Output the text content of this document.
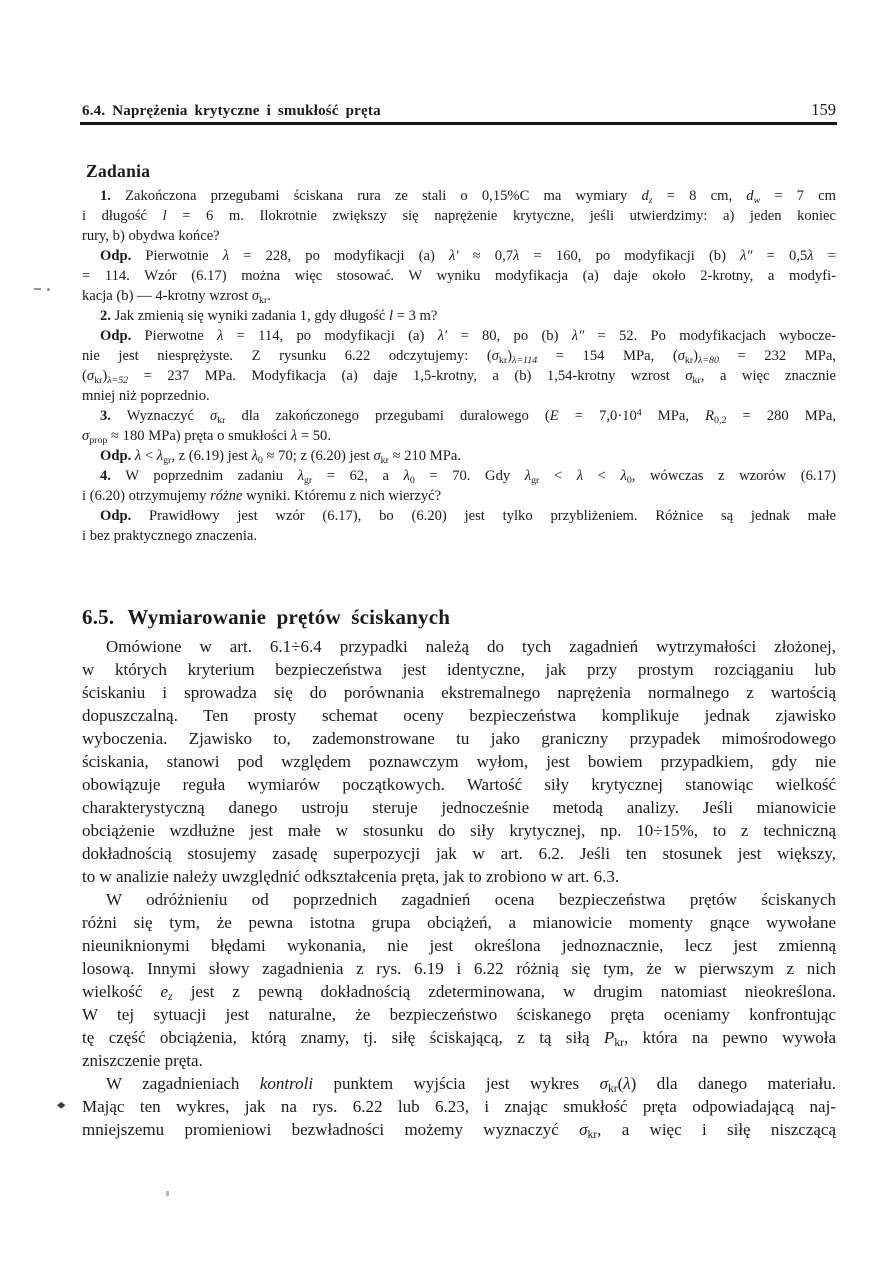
6.4. Naprężenia krytyczne i smukłość pręta	159
Zadania
1. Zakończona przegubami ściskana rura ze stali o 0,15%C ma wymiary $d_z = 8$ cm, $d_w = 7$ cm
i długość l = 6 m. Ilokrotnie zwiększy się naprężenie krytyczne, jeśli utwierdzimy: a) jeden koniec
rury, b) obydwa końce?
Odp. Pierwotnie λ = 228, po modyfikacji (a) λ′ ≈ 0,7λ = 160, po modyfikacji (b) λ″ = 0,5λ =
= 114. Wzór (6.17) można więc stosować. W wyniku modyfikacja (a) daje około 2-krotny, a modyfi-
kacja (b) — 4-krotny wzrost $\sigma_{kr}$.
2. Jak zmienią się wyniki zadania 1, gdy długość l = 3 m?
Odp. Pierwotne λ = 114, po modyfikacji (a) λ′ = 80, po (b) λ″ = 52. Po modyfikacjach wybocze-
nie jest niesprężyste. Z rysunku 6.22 odczytujemy: $(\sigma_{kr})_{\lambda=114} = 154$ MPa, $(\sigma_{kr})_{\lambda=80} = 232$ MPa,
$(\sigma_{kr})_{\lambda=52} = 237$ MPa. Modyfikacja (a) daje 1,5-krotny, a (b) 1,54-krotny wzrost $\sigma_{kr}$, a więc znacznie
mniej niż poprzednio.
3. Wyznaczyć $\sigma_{kr}$ dla zakończonego przegubami duralowego ($E = 7,0\cdot 10^4$ MPa, $R_{0,2} = 280$ MPa,
$\sigma_{prop} \approx 180$ MPa) pręta o smukłości λ = 50.
Odp. $\lambda < \lambda_{gr}$, z (6.19) jest $\lambda_0 \approx 70$; z (6.20) jest $\sigma_{kr} \approx 210$ MPa.
4. W poprzednim zadaniu $\lambda_{gr} = 62$, a $\lambda_0 = 70$. Gdy $\lambda_{gr} < \lambda < \lambda_0$, wówczas z wzorów (6.17)
i (6.20) otrzymujemy różne wyniki. Któremu z nich wierzyć?
Odp. Prawidłowy jest wzór (6.17), bo (6.20) jest tylko przybliżeniem. Różnice są jednak małe
i bez praktycznego znaczenia.
6.5. Wymiarowanie prętów ściskanych
Omówione w art. 6.1÷6.4 przypadki należą do tych zagadnień wytrzymałości złożonej,
w których kryterium bezpieczeństwa jest identyczne, jak przy prostym rozciąganiu lub
ściskaniu i sprowadza się do porównania ekstremalnego naprężenia normalnego z wartością
dopuszczalną. Ten prosty schemat oceny bezpieczeństwa komplikuje jednak zjawisko
wyboczenia. Zjawisko to, zademonstrowane tu jako graniczny przypadek mimośrodowego
ściskania, stanowi pod względem poznawczym wyłom, jest bowiem przypadkiem, gdy nie
obowiązuje reguła wymiarów początkowych. Wartość siły krytycznej stanowiąc wielkość
charakterystyczną danego ustroju steruje jednocześnie metodą analizy. Jeśli mianowicie
obciążenie wzdłużne jest małe w stosunku do siły krytycznej, np. 10÷15%, to z techniczną
dokładnością stosujemy zasadę superpozycji jak w art. 6.2. Jeśli ten stosunek jest większy,
to w analizie należy uwzględnić odkształcenia pręta, jak to zrobiono w art. 6.3.
W odróżnieniu od poprzednich zagadnień ocena bezpieczeństwa prętów ściskanych
różni się tym, że pewna istotna grupa obciążeń, a mianowicie momenty gnące wywołane
nieuniknionymi błędami wykonania, nie jest określona jednoznacznie, lecz jest zmienną
losową. Innymi słowy zagadnienia z rys. 6.19 i 6.22 różnią się tym, że w pierwszym z nich
wielkość $e_z$ jest z pewną dokładnością zdeterminowana, w drugim natomiast nieokreślona.
W tej sytuacji jest naturalne, że bezpieczeństwo ściskanego pręta oceniamy konfrontując
tę część obciążenia, którą znamy, tj. siłę ściskającą, z tą siłą $P_{kr}$, która na pewno wywoła
zniszczenie pręta.
W zagadnieniach kontroli punktem wyjścia jest wykres $\sigma_{kr}(\lambda)$ dla danego materiału.
Mając ten wykres, jak na rys. 6.22 lub 6.23, i znając smukłość pręta odpowiadającą naj-
mniejszemu promieniowi bezwładności możemy wyznaczyć $\sigma_{kr}$, a więc i siłę niszczącą
◆
